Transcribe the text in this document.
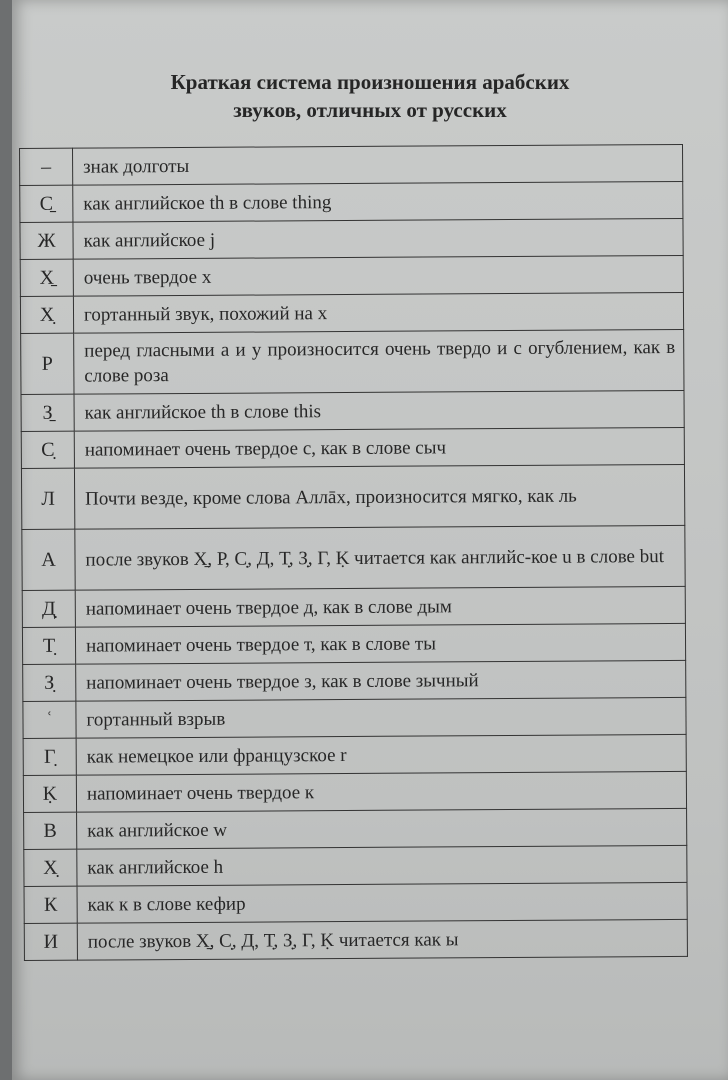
Краткая система произношения арабских
звуков, отличных от русских
–	знак долготы
С̱	как английское th в слове thing
Ж	как английское j
Х̱	очень твердое х
Х̣	гортанный звук, похожий на х
Р	перед гласными а и у произносится очень твердо и с огублением, как в слове роза
З̱	как английское th в слове this
С̣	напоминает очень твердое с, как в слове сыч
Л	Почти везде, кроме слова Аллāх, произносится мягко, как ль
А	после звуков Х̱, Р, С̣, Д, Т̣, З̣, Г, Ḳ читается как английс-кое u в слове but
Д̣	напоминает очень твердое д, как в слове дым
Т̣	напоминает очень твердое т, как в слове ты
З̣	напоминает очень твердое з, как в слове зычный
ʿ	гортанный взрыв
Г̣	как немецкое или французское r
Ḳ	напоминает очень твердое к
В	как английское w
Х̣	как английское h
К	как к в слове кефир
И	после звуков Х̱, С̣, Д, Т̣, З̣, Г, Ḳ читается как ы
